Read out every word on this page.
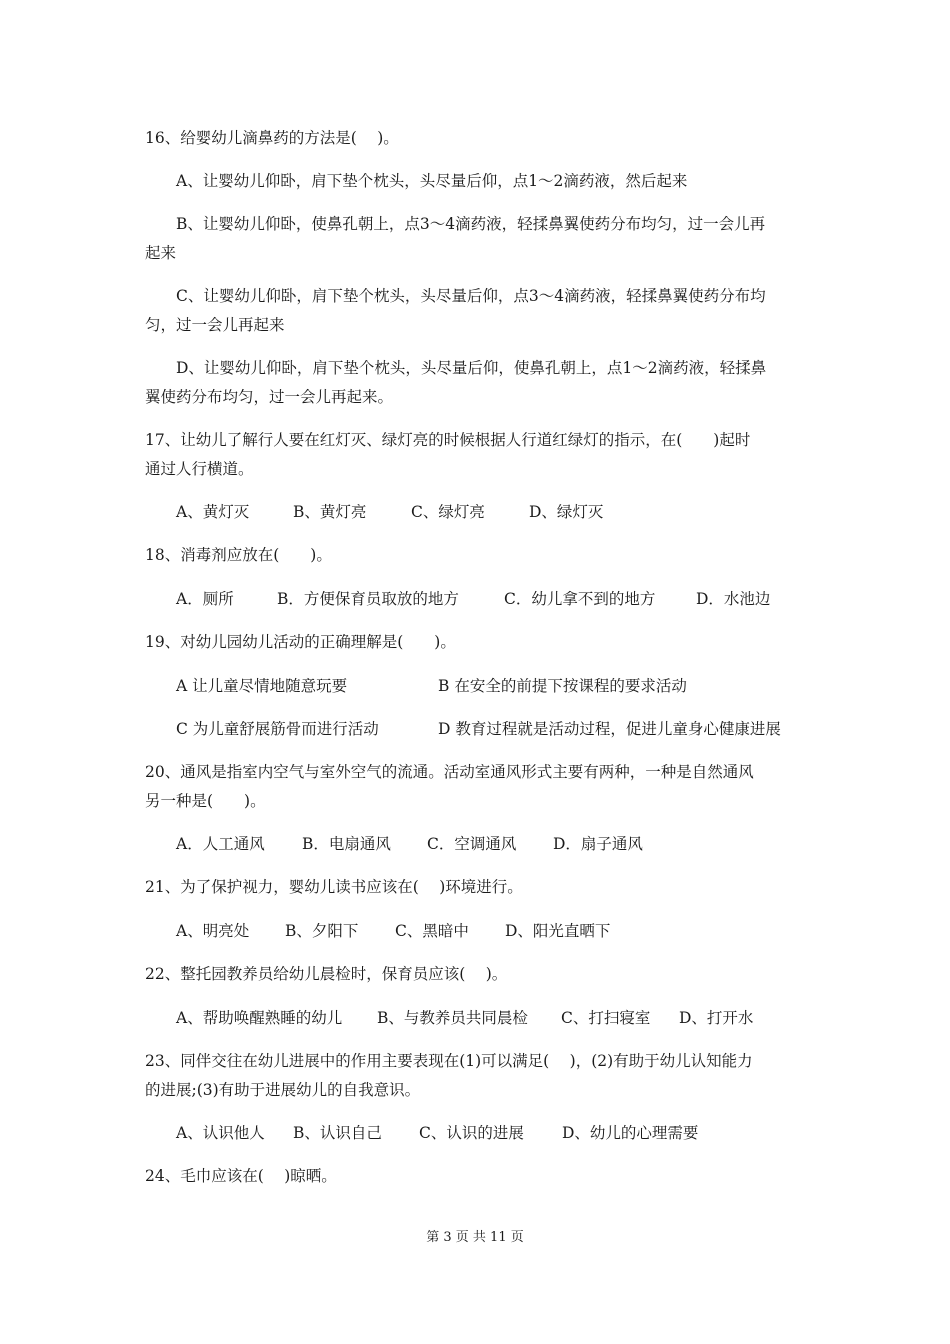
16、给婴幼儿滴鼻药的方法是(　 )。
A、让婴幼儿仰卧，肩下垫个枕头，头尽量后仰，点1～2滴药液，然后起来
B、让婴幼儿仰卧，使鼻孔朝上，点3～4滴药液，轻揉鼻翼使药分布均匀，过一会儿再
起来
C、让婴幼儿仰卧，肩下垫个枕头，头尽量后仰，点3～4滴药液，轻揉鼻翼使药分布均
匀，过一会儿再起来
D、让婴幼儿仰卧，肩下垫个枕头，头尽量后仰，使鼻孔朝上，点1～2滴药液，轻揉鼻
翼使药分布均匀，过一会儿再起来。
17、让幼儿了解行人要在红灯灭、绿灯亮的时候根据人行道红绿灯的指示，在(　　)起时
通过人行横道。
A、黄灯灭	B、黄灯亮	C、绿灯亮	D、绿灯灭
18、消毒剂应放在(　　)。
A．厕所	B．方便保育员取放的地方	C．幼儿拿不到的地方	D．水池边
19、对幼儿园幼儿活动的正确理解是(　　)。
A 让儿童尽情地随意玩要	B 在安全的前提下按课程的要求活动
C 为儿童舒展筋骨而进行活动	D 教育过程就是活动过程，促进儿童身心健康进展
20、通风是指室内空气与室外空气的流通。活动室通风形式主要有两种，一种是自然通风
另一种是(　　)。
A．人工通风 B．电扇通风 C．空调通风 D．扇子通风
21、为了保护视力，婴幼儿读书应该在(　 )环境进行。
A、明亮处 B、夕阳下 C、黑暗中 D、阳光直晒下
22、整托园教养员给幼儿晨检时，保育员应该(　 )。
A、帮助唤醒熟睡的幼儿 B、与教养员共同晨检 C、打扫寝室 D、打开水
23、同伴交往在幼儿进展中的作用主要表现在(1)可以满足(　 )，(2)有助于幼儿认知能力
的进展;(3)有助于进展幼儿的自我意识。
A、认识他人 B、认识自己 C、认识的进展 D、幼儿的心理需要
24、毛巾应该在(　 )晾晒。
第 3 页 共 11 页
